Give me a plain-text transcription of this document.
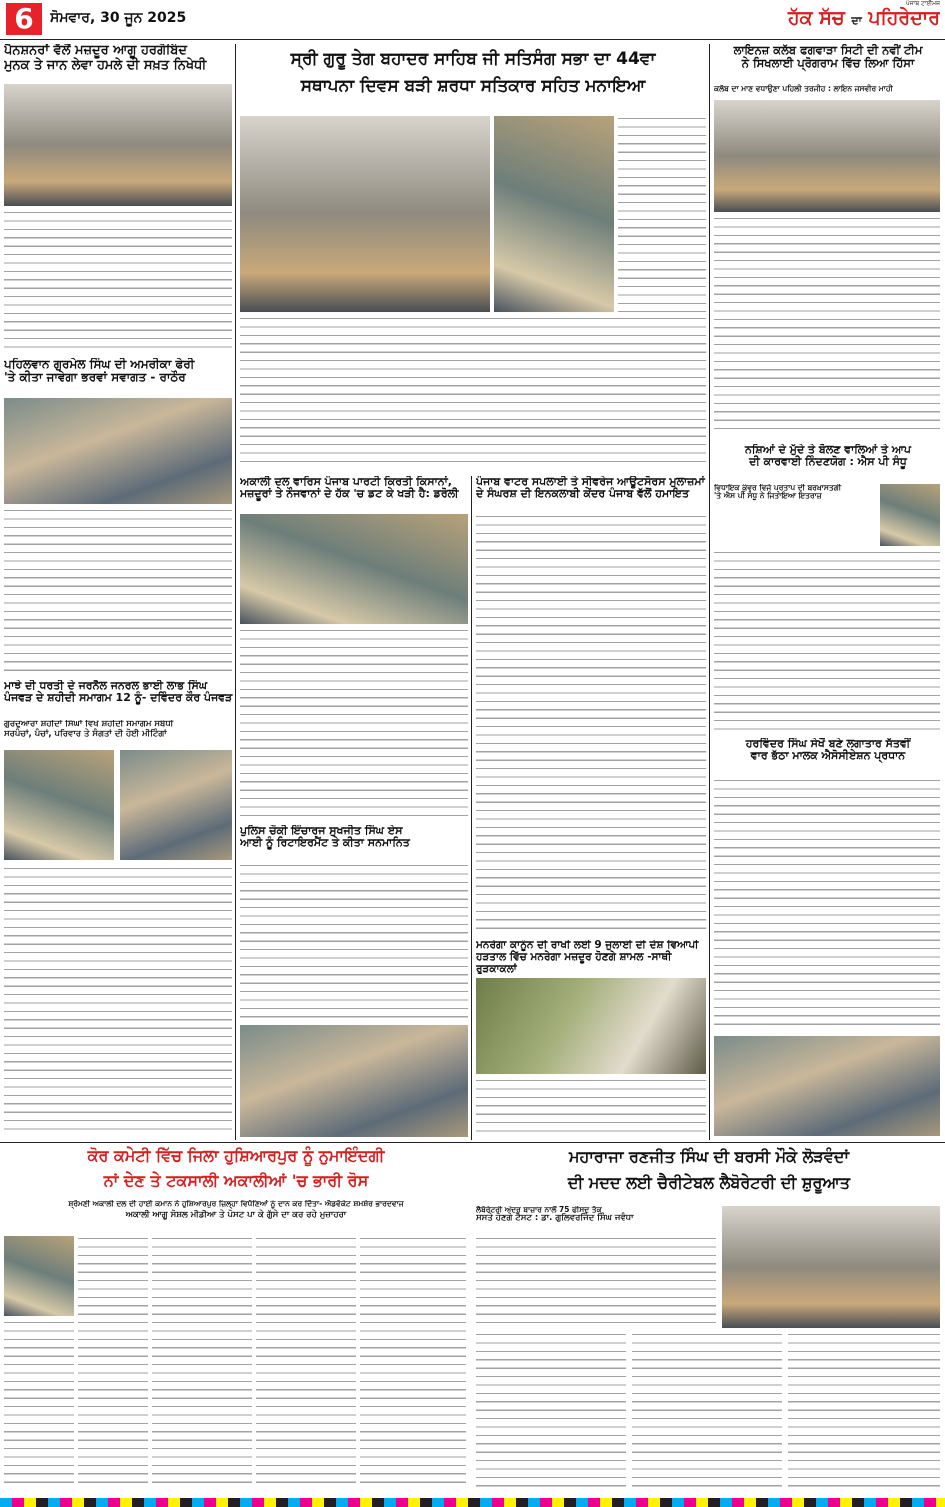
6	ਸੋਮਵਾਰ, 30 ਜੂਨ 2025
ਪੰਜਾਬ ਟਾਈਮਜ਼
ਹੱਕ ਸੱਚ ਦਾ ਪਹਿਰੇਦਾਰ
ਪੈਨਸ਼ਨਰਾਂ ਵੱਲੋਂ ਮਜ਼ਦੂਰ ਆਗੂ ਹਰਗੋਬਿੰਦ
ਮੁਨਕ ਤੇ ਜਾਨ ਲੇਵਾ ਹਮਲੇ ਦੀ ਸਖ਼ਤ ਨਿਖੇਧੀ
ਪਹਿਲਵਾਨ ਗੁਰਮੇਲ ਸਿੰਘ ਦੀ ਅਮਰੀਕਾ ਫੇਰੀ
'ਤੇ ਕੀਤਾ ਜਾਵੇਗਾ ਭਰਵਾਂ ਸਵਾਗਤ - ਰਾਠੌਰ
ਮਾਝੇ ਦੀ ਧਰਤੀ ਦੇ ਜਰਨੈਲ ਜਨਰਲ ਭਾਈ ਲਾਭ ਸਿੰਘ
ਪੰਜਵੜ ਦੇ ਸ਼ਹੀਦੀ ਸਮਾਗਮ 12 ਨੂੰ- ਦਵਿੰਦਰ ਕੌਰ ਪੰਜਵੜ
ਗੁਰਦੁਆਰਾ ਸ਼ਹੀਦਾਂ ਸਿੰਘਾਂ ਵਿਖੇ ਸ਼ਹੀਦੀ ਸਮਾਗਮ ਸਬੰਧੀ
ਸਰਪੰਚਾਂ, ਪੰਚਾਂ, ਪਰਿਵਾਰ ਤੇ ਸੰਗਤਾਂ ਦੀ ਹੋਈ ਮੀਟਿੰਗਾਂ
ਸ੍ਰੀ ਗੁਰੂ ਤੇਗ ਬਹਾਦਰ ਸਾਹਿਬ ਜੀ ਸਤਿਸੰਗ ਸਭਾ ਦਾ 44ਵਾ
ਸਥਾਪਨਾ ਦਿਵਸ ਬੜੀ ਸ਼ਰਧਾ ਸਤਿਕਾਰ ਸਹਿਤ ਮਨਾਇਆ
ਅਕਾਲੀ ਦਲ ਵਾਰਿਸ ਪੰਜਾਬ ਪਾਰਟੀ ਕਿਰਤੀ ਕਿਸਾਨਾਂ,
ਮਜ਼ਦੂਰਾਂ ਤੇ ਨੌਜਵਾਨਾਂ ਦੇ ਹੱਕ 'ਚ ਡਟ ਕੇ ਖੜੀ ਹੈ: ਡਰੋਲੀ
ਪੰਜਾਬ ਵਾਟਰ ਸਪਲਾਈ ਤੇ ਸੀਵਰੇਜ ਆਊਟਸੋਰਸ ਮੁਲਾਜ਼ਮਾਂ
ਦੇ ਸੰਘਰਸ਼ ਦੀ ਇਨਕਲਾਬੀ ਕੇਂਦਰ ਪੰਜਾਬ ਵੱਲੋਂ ਹਮਾਇਤ
ਪੁਲਿਸ ਚੌਕੀ ਇੰਚਾਰਜ ਸੁਖਜੀਤ ਸਿੰਘ ਏਸ
ਆਈ ਨੂੰ ਰਿਟਾਇਰਮੈਂਟ ਤੇ ਕੀਤਾ ਸਨਮਾਨਿਤ
ਮਨਰੇਗਾ ਕਾਨੂੰਨ ਦੀ ਰਾਖੀ ਲਈ 9 ਜੁਲਾਈ ਦੀ ਦੇਸ਼ ਵਿਆਪੀ
ਹੜਤਾਲ ਵਿੱਚ ਮਨਰੇਗਾ ਮਜ਼ਦੂਰ ਹੋਣਗੇ ਸ਼ਾਮਲ -ਸਾਥੀ ਰੁੜਕਾਕਲਾਂ
ਲਾਇਨਜ਼ ਕਲੱਬ ਫਗਵਾੜਾ ਸਿਟੀ ਦੀ ਨਵੀਂ ਟੀਮ
ਨੇ ਸਿਖਲਾਈ ਪ੍ਰੋਗਰਾਮ ਵਿੱਚ ਲਿਆ ਹਿੱਸਾ
ਕਲੱਬ ਦਾ ਮਾਣ ਵਧਾਉਣਾ ਪਹਿਲੀ ਤਰਜੀਹ : ਲਾਇਨ ਜਸਵੀਰ ਮਾਹੀ
ਨਸ਼ਿਆਂ ਦੇ ਮੁੱਦੇ ਤੇ ਬੋਲਣ ਵਾਲਿਆਂ ਤੇ ਆਪ
ਦੀ ਕਾਰਵਾਈ ਨਿੰਦਣਯੋਗ : ਐਸ ਪੀ ਸੰਧੂ
ਵਿਧਾਇਕ ਕੁੰਵਰ ਵਿਜੇ ਪ੍ਰਤਾਪ ਦੀ ਬਰਖ਼ਾਸਤਗੀ
'ਤੇ ਐਸ ਪੀ ਸੰਧੂ ਨੇ ਜਿਤਾਇਆ ਇਤਰਾਜ਼
ਹਰਵਿੰਦਰ ਸਿੰਘ ਸੇਖੋਂ ਬਣੇ ਲਗਾਤਾਰ ਸੱਤਵੀਂ
ਵਾਰ ਭੱਠਾ ਮਾਲਕ ਐਸੋਸੀਏਸ਼ਨ ਪ੍ਰਧਾਨ
ਕੋਰ ਕਮੇਟੀ ਵਿੱਚ ਜਿਲਾ ਹੁਸ਼ਿਆਰਪੁਰ ਨੂੰ ਨੁਮਾਇੰਦਗੀ
ਨਾਂ ਦੇਣ ਤੇ ਟਕਸਾਲੀ ਅਕਾਲੀਆਂ 'ਚ ਭਾਰੀ ਰੋਸ
ਸ਼੍ਰੋਮਣੀ ਅਕਾਲੀ ਦਲ ਦੀ ਹਾਈ ਕਮਾਨ ਨੇ ਹੁਸ਼ਿਆਰਪੁਰ ਜ਼ਿਲ੍ਹਾ ਵਿਧੋਣਿਆਂ ਨੂੰ ਦਾਨ ਕਰ ਦਿੱਤਾ- ਐਡਵੋਕੇਟ ਸ਼ਮਸ਼ੇਰ ਭਾਰਦਵਾਜ
ਅਕਾਲੀ ਆਗੂ ਸੋਸ਼ਲ ਮੀਡੀਆ ਤੇ ਪੋਸਟ ਪਾ ਕੇ ਗੁੱਸੇ ਦਾ ਕਰ ਰਹੇ ਮੁਜ਼ਾਹਰਾ
ਮਹਾਰਾਜਾ ਰਣਜੀਤ ਸਿੰਘ ਦੀ ਬਰਸੀ ਮੌਕੇ ਲੋੜਵੰਦਾਂ
ਦੀ ਮਦਦ ਲਈ ਚੈਰੀਟੇਬਲ ਲੈਬੋਰੇਟਰੀ ਦੀ ਸ਼ੁਰੂਆਤ
ਲੈਬੋਰੇਟਰੀ ਅੰਦਰ ਬਾਜ਼ਾਰ ਨਾਲੋਂ 75 ਫੀਸਦ ਤੱਕ
ਸਸਤੇ ਹੋਣਗੇ ਟੈਸਟ : ਡਾ. ਗੁਲਿਵਰਜਿੰਦ ਸਿੰਘ ਜਵੰਧਾ
